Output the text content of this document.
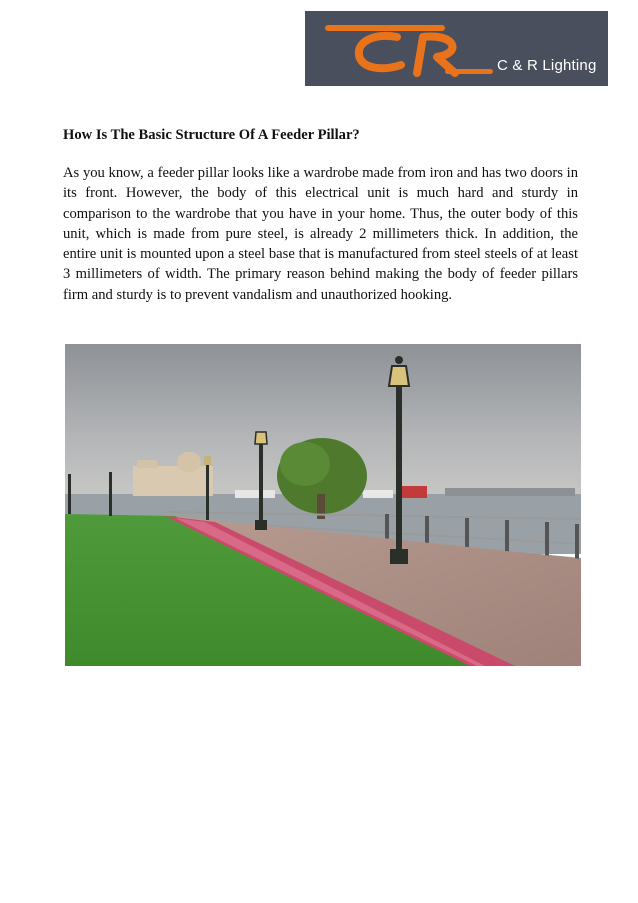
C & R Lighting
How Is The Basic Structure Of A Feeder Pillar?

As you know, a feeder pillar looks like a wardrobe made from iron and has two doors in its front. However, the body of this electrical unit is much hard and sturdy in comparison to the wardrobe that you have in your home. Thus, the outer body of this unit, which is made from pure steel, is already 2 millimeters thick. In addition, the entire unit is mounted upon a steel base that is manufactured from steel steels of at least 3 millimeters of width. The primary reason behind making the body of feeder pillars firm and sturdy is to prevent vandalism and unauthorized hooking.
